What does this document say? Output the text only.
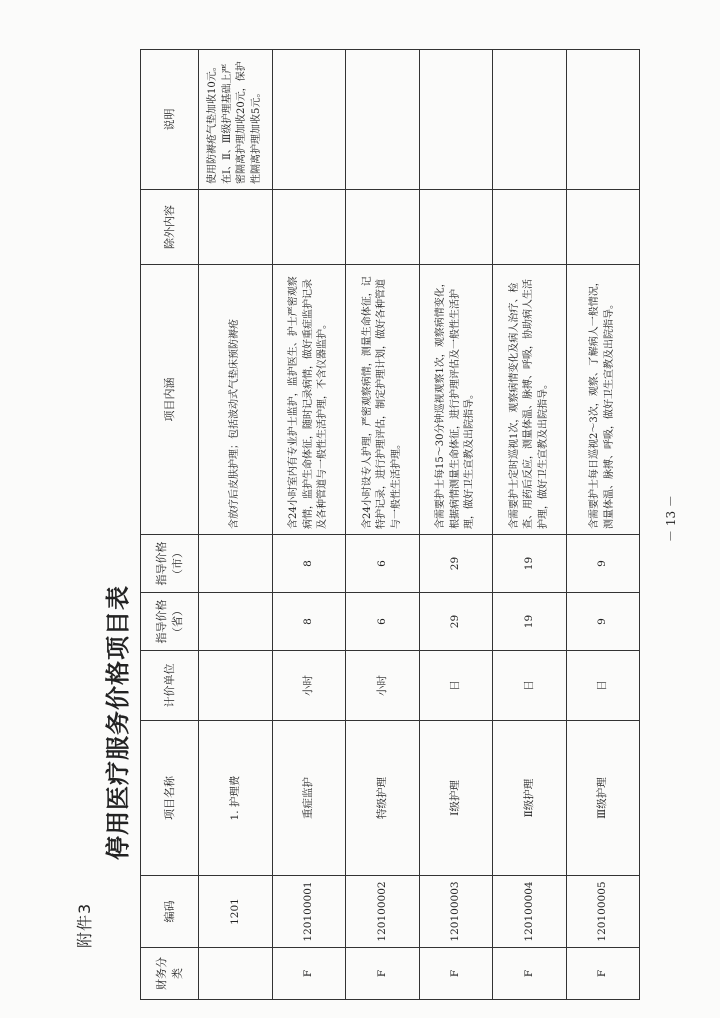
附件3
停用医疗服务价格项目表
财务分类	编码	项目名称	计价单位	指导价格（省）	指导价格（市）	项目内涵	除外内容	说明
	1201	1. 护理费				含放疗后皮肤护理；包括波动式气垫床预防褥疮		使用防褥疮气垫加收10元。在Ⅰ、Ⅱ、Ⅲ级护理基础上严密隔离护理加收20元，保护性隔离护理加收5元。
F	120100001	重症监护	小时	8	8	含24小时室内有专业护士监护，监护医生、护士严密观察病情，监护生命体征，随时记录病情，做好重症监护记录及各种管道与一般性生活护理，不含仪器监护。		
F	120100002	特级护理	小时	6	6	含24小时设专人护理，严密观察病情，测量生命体征，记特护记录，进行护理评估，制定护理计划，做好各种管道与一般性生活护理。		
F	120100003	Ⅰ级护理	日	29	29	含需要护士每15～30分钟巡视观察1次，观察病情变化，根据病情测量生命体征，进行护理评估及一般性生活护理，做好卫生宣教及出院指导。		
F	120100004	Ⅱ级护理	日	19	19	含需要护士定时巡视1次，观察病情变化及病人治疗、检查、用药后反应，测量体温、脉搏、呼吸，协助病人生活护理，做好卫生宣教及出院指导。		
F	120100005	Ⅲ级护理	日	9	9	含需要护士每日巡视2～3次，观察、了解病人一般情况，测量体温、脉搏、呼吸，做好卫生宣教及出院指导。			－ 13 －
